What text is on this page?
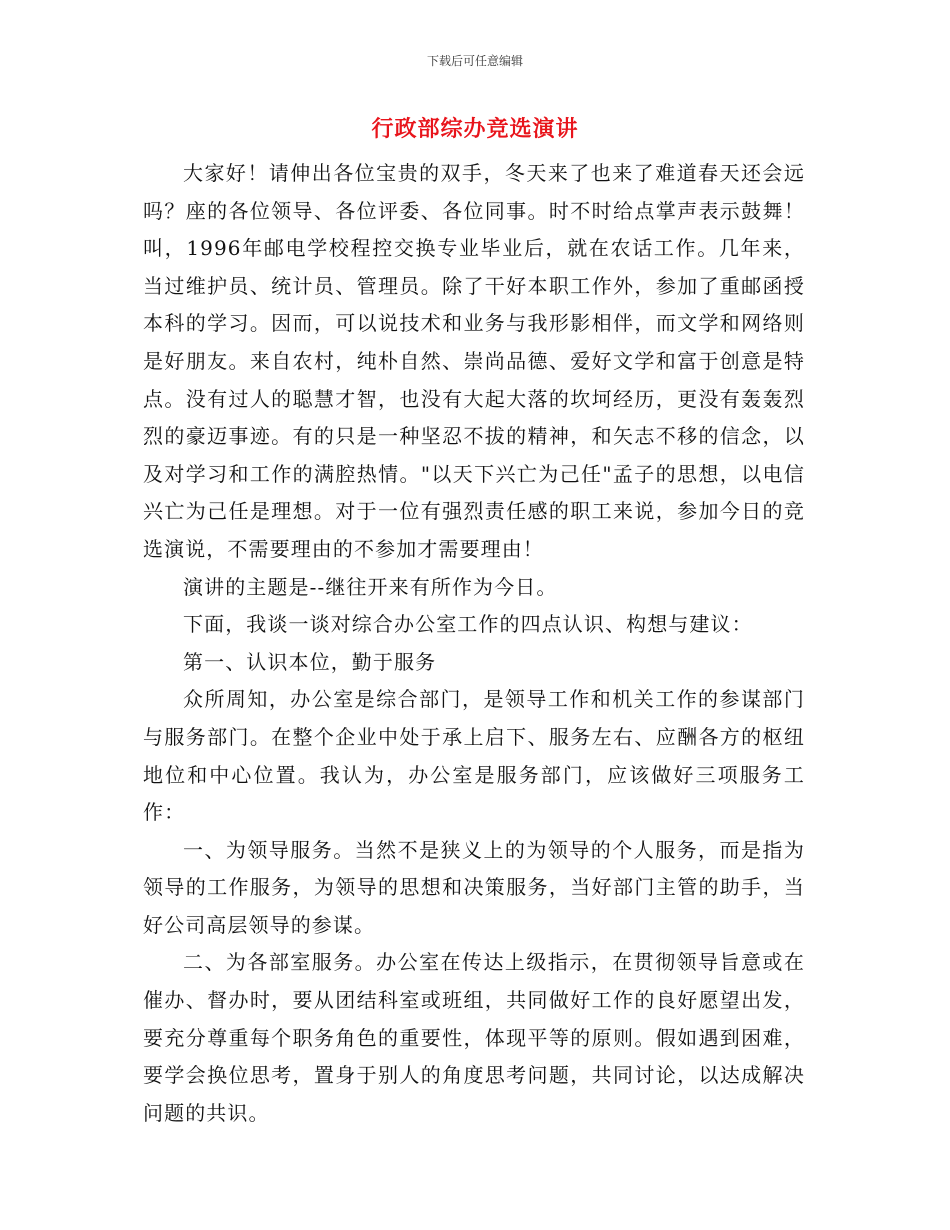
下载后可任意编辑
行政部综办竞选演讲

大家好！请伸出各位宝贵的双手，冬天来了也来了难道春天还会远吗？座的各位领导、各位评委、各位同事。时不时给点掌声表示鼓舞！叫，1996年邮电学校程控交换专业毕业后，就在农话工作。几年来，当过维护员、统计员、管理员。除了干好本职工作外，参加了重邮函授本科的学习。因而，可以说技术和业务与我形影相伴，而文学和网络则是好朋友。来自农村，纯朴自然、崇尚品德、爱好文学和富于创意是特点。没有过人的聪慧才智，也没有大起大落的坎坷经历，更没有轰轰烈烈的豪迈事迹。有的只是一种坚忍不拔的精神，和矢志不移的信念，以及对学习和工作的满腔热情。"以天下兴亡为己任"孟子的思想，以电信兴亡为己任是理想。对于一位有强烈责任感的职工来说，参加今日的竞选演说，不需要理由的不参加才需要理由！

演讲的主题是--继往开来有所作为今日。

下面，我谈一谈对综合办公室工作的四点认识、构想与建议：

第一、认识本位，勤于服务

众所周知，办公室是综合部门，是领导工作和机关工作的参谋部门与服务部门。在整个企业中处于承上启下、服务左右、应酬各方的枢纽地位和中心位置。我认为，办公室是服务部门，应该做好三项服务工作：

一、为领导服务。当然不是狭义上的为领导的个人服务，而是指为领导的工作服务，为领导的思想和决策服务，当好部门主管的助手，当好公司高层领导的参谋。

二、为各部室服务。办公室在传达上级指示，在贯彻领导旨意或在催办、督办时，要从团结科室或班组，共同做好工作的良好愿望出发，要充分尊重每个职务角色的重要性，体现平等的原则。假如遇到困难，要学会换位思考，置身于别人的角度思考问题，共同讨论，以达成解决问题的共识。
